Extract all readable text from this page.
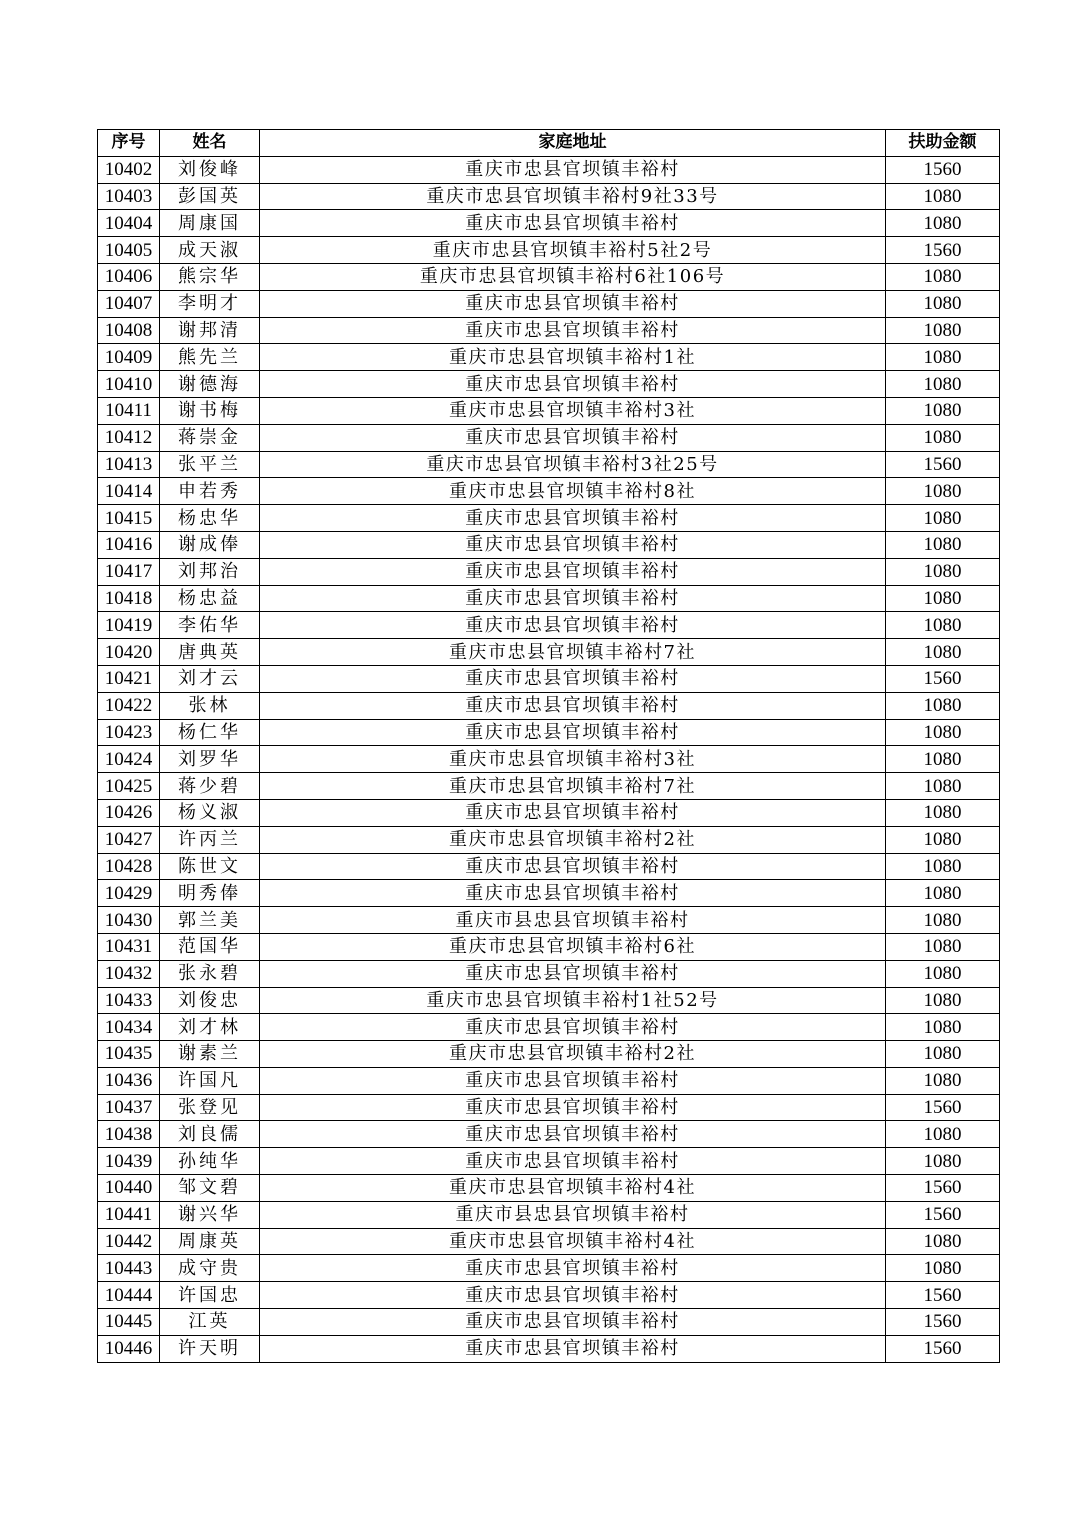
序号	姓名	家庭地址	扶助金额
10402	刘俊峰	重庆市忠县官坝镇丰裕村	1560
10403	彭国英	重庆市忠县官坝镇丰裕村9社33号	1080
10404	周康国	重庆市忠县官坝镇丰裕村	1080
10405	成天淑	重庆市忠县官坝镇丰裕村5社2号	1560
10406	熊宗华	重庆市忠县官坝镇丰裕村6社106号	1080
10407	李明才	重庆市忠县官坝镇丰裕村	1080
10408	谢邦清	重庆市忠县官坝镇丰裕村	1080
10409	熊先兰	重庆市忠县官坝镇丰裕村1社	1080
10410	谢德海	重庆市忠县官坝镇丰裕村	1080
10411	谢书梅	重庆市忠县官坝镇丰裕村3社	1080
10412	蒋崇金	重庆市忠县官坝镇丰裕村	1080
10413	张平兰	重庆市忠县官坝镇丰裕村3社25号	1560
10414	申若秀	重庆市忠县官坝镇丰裕村8社	1080
10415	杨忠华	重庆市忠县官坝镇丰裕村	1080
10416	谢成俸	重庆市忠县官坝镇丰裕村	1080
10417	刘邦治	重庆市忠县官坝镇丰裕村	1080
10418	杨忠益	重庆市忠县官坝镇丰裕村	1080
10419	李佑华	重庆市忠县官坝镇丰裕村	1080
10420	唐典英	重庆市忠县官坝镇丰裕村7社	1080
10421	刘才云	重庆市忠县官坝镇丰裕村	1560
10422	张林	重庆市忠县官坝镇丰裕村	1080
10423	杨仁华	重庆市忠县官坝镇丰裕村	1080
10424	刘罗华	重庆市忠县官坝镇丰裕村3社	1080
10425	蒋少碧	重庆市忠县官坝镇丰裕村7社	1080
10426	杨义淑	重庆市忠县官坝镇丰裕村	1080
10427	许丙兰	重庆市忠县官坝镇丰裕村2社	1080
10428	陈世文	重庆市忠县官坝镇丰裕村	1080
10429	明秀俸	重庆市忠县官坝镇丰裕村	1080
10430	郭兰美	重庆市县忠县官坝镇丰裕村	1080
10431	范国华	重庆市忠县官坝镇丰裕村6社	1080
10432	张永碧	重庆市忠县官坝镇丰裕村	1080
10433	刘俊忠	重庆市忠县官坝镇丰裕村1社52号	1080
10434	刘才林	重庆市忠县官坝镇丰裕村	1080
10435	谢素兰	重庆市忠县官坝镇丰裕村2社	1080
10436	许国凡	重庆市忠县官坝镇丰裕村	1080
10437	张登见	重庆市忠县官坝镇丰裕村	1560
10438	刘良儒	重庆市忠县官坝镇丰裕村	1080
10439	孙纯华	重庆市忠县官坝镇丰裕村	1080
10440	邹文碧	重庆市忠县官坝镇丰裕村4社	1560
10441	谢兴华	重庆市县忠县官坝镇丰裕村	1560
10442	周康英	重庆市忠县官坝镇丰裕村4社	1080
10443	成守贵	重庆市忠县官坝镇丰裕村	1080
10444	许国忠	重庆市忠县官坝镇丰裕村	1560
10445	江英	重庆市忠县官坝镇丰裕村	1560
10446	许天明	重庆市忠县官坝镇丰裕村	1560
